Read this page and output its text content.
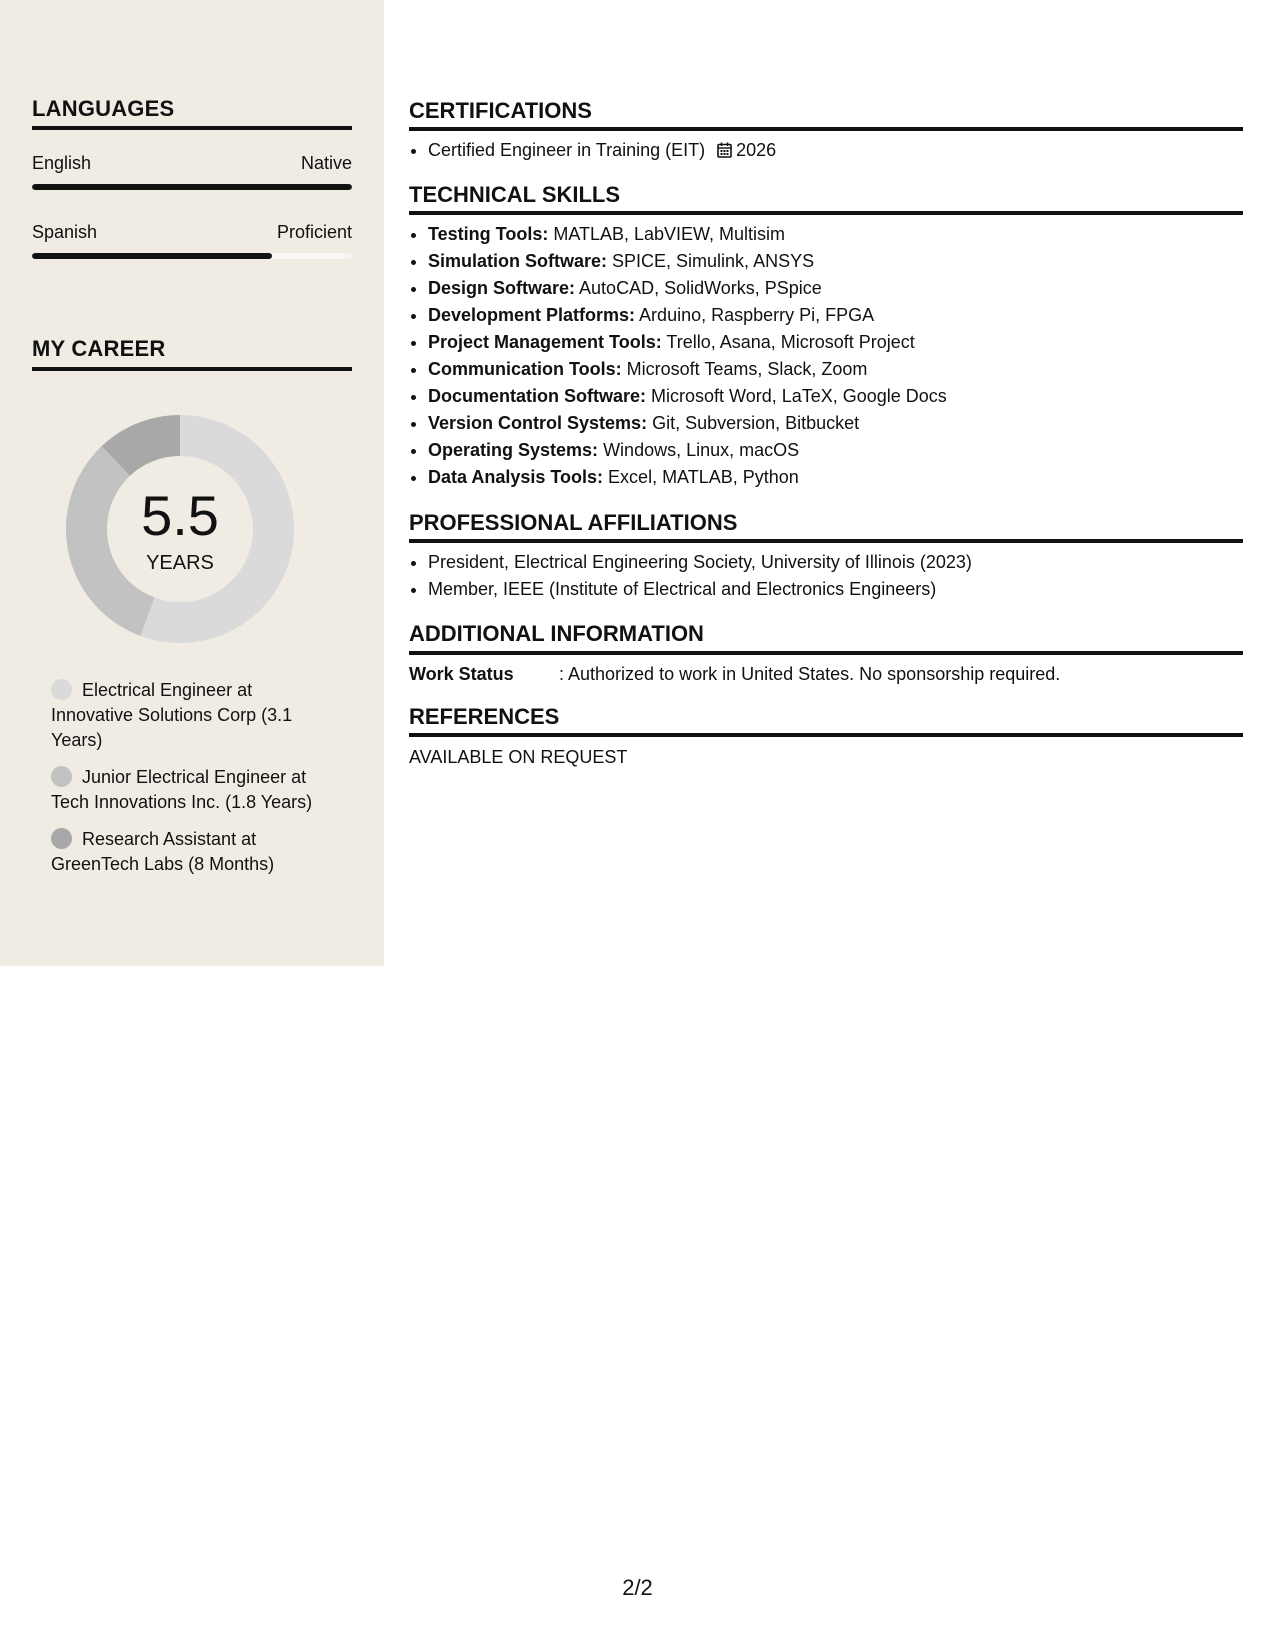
LANGUAGES
English	Native
Spanish	Proficient
MY CAREER
5.5
YEARS
Electrical Engineer at Innovative Solutions Corp (3.1 Years)
Junior Electrical Engineer at Tech Innovations Inc. (1.8 Years)
Research Assistant at GreenTech Labs (8 Months)
CERTIFICATIONS
• Certified Engineer in Training (EIT) 2026
TECHNICAL SKILLS
• Testing Tools: MATLAB, LabVIEW, Multisim
• Simulation Software: SPICE, Simulink, ANSYS
• Design Software: AutoCAD, SolidWorks, PSpice
• Development Platforms: Arduino, Raspberry Pi, FPGA
• Project Management Tools: Trello, Asana, Microsoft Project
• Communication Tools: Microsoft Teams, Slack, Zoom
• Documentation Software: Microsoft Word, LaTeX, Google Docs
• Version Control Systems: Git, Subversion, Bitbucket
• Operating Systems: Windows, Linux, macOS
• Data Analysis Tools: Excel, MATLAB, Python
PROFESSIONAL AFFILIATIONS
• President, Electrical Engineering Society, University of Illinois (2023)
• Member, IEEE (Institute of Electrical and Electronics Engineers)
ADDITIONAL INFORMATION
Work Status	: Authorized to work in United States. No sponsorship required.
REFERENCES
AVAILABLE ON REQUEST
2/2
